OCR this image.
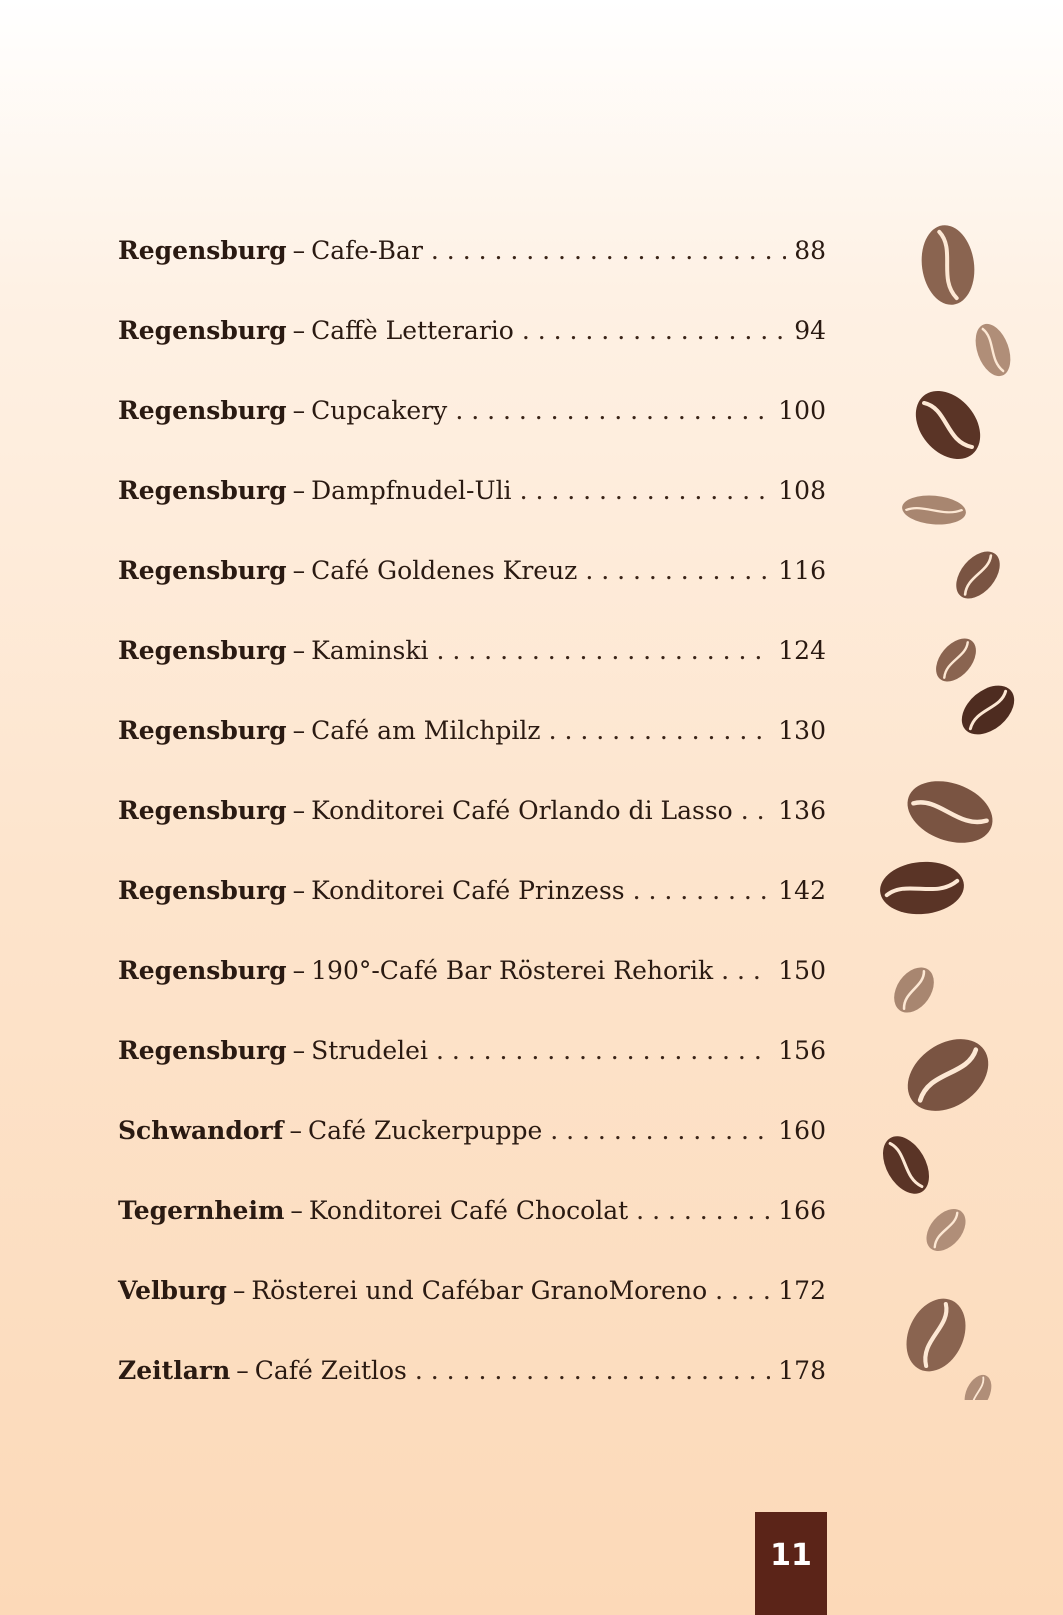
Regensburg – Cafe-Bar . . .	88
Regensburg – Caffè Letterario . . .	94
Regensburg – Cupcakery . . .	100
Regensburg – Dampfnudel-Uli . . .	108
Regensburg – Café Goldenes Kreuz . . .	116
Regensburg – Kaminski . . .	124
Regensburg – Café am Milchpilz . . .	130
Regensburg – Konditorei Café Orlando di Lasso . . . 136
Regensburg – Konditorei Café Prinzess . . .	142
Regensburg – 190°-Café Bar Rösterei Rehorik . . .	150
Regensburg – Strudelei . . .	156
Schwandorf – Café Zuckerpuppe . . .	160
Tegernheim – Konditorei Café Chocolat . . .	166
Velburg – Rösterei und Cafébar GranoMoreno . . .	172
Zeitlarn – Café Zeitlos . . .	178
11
